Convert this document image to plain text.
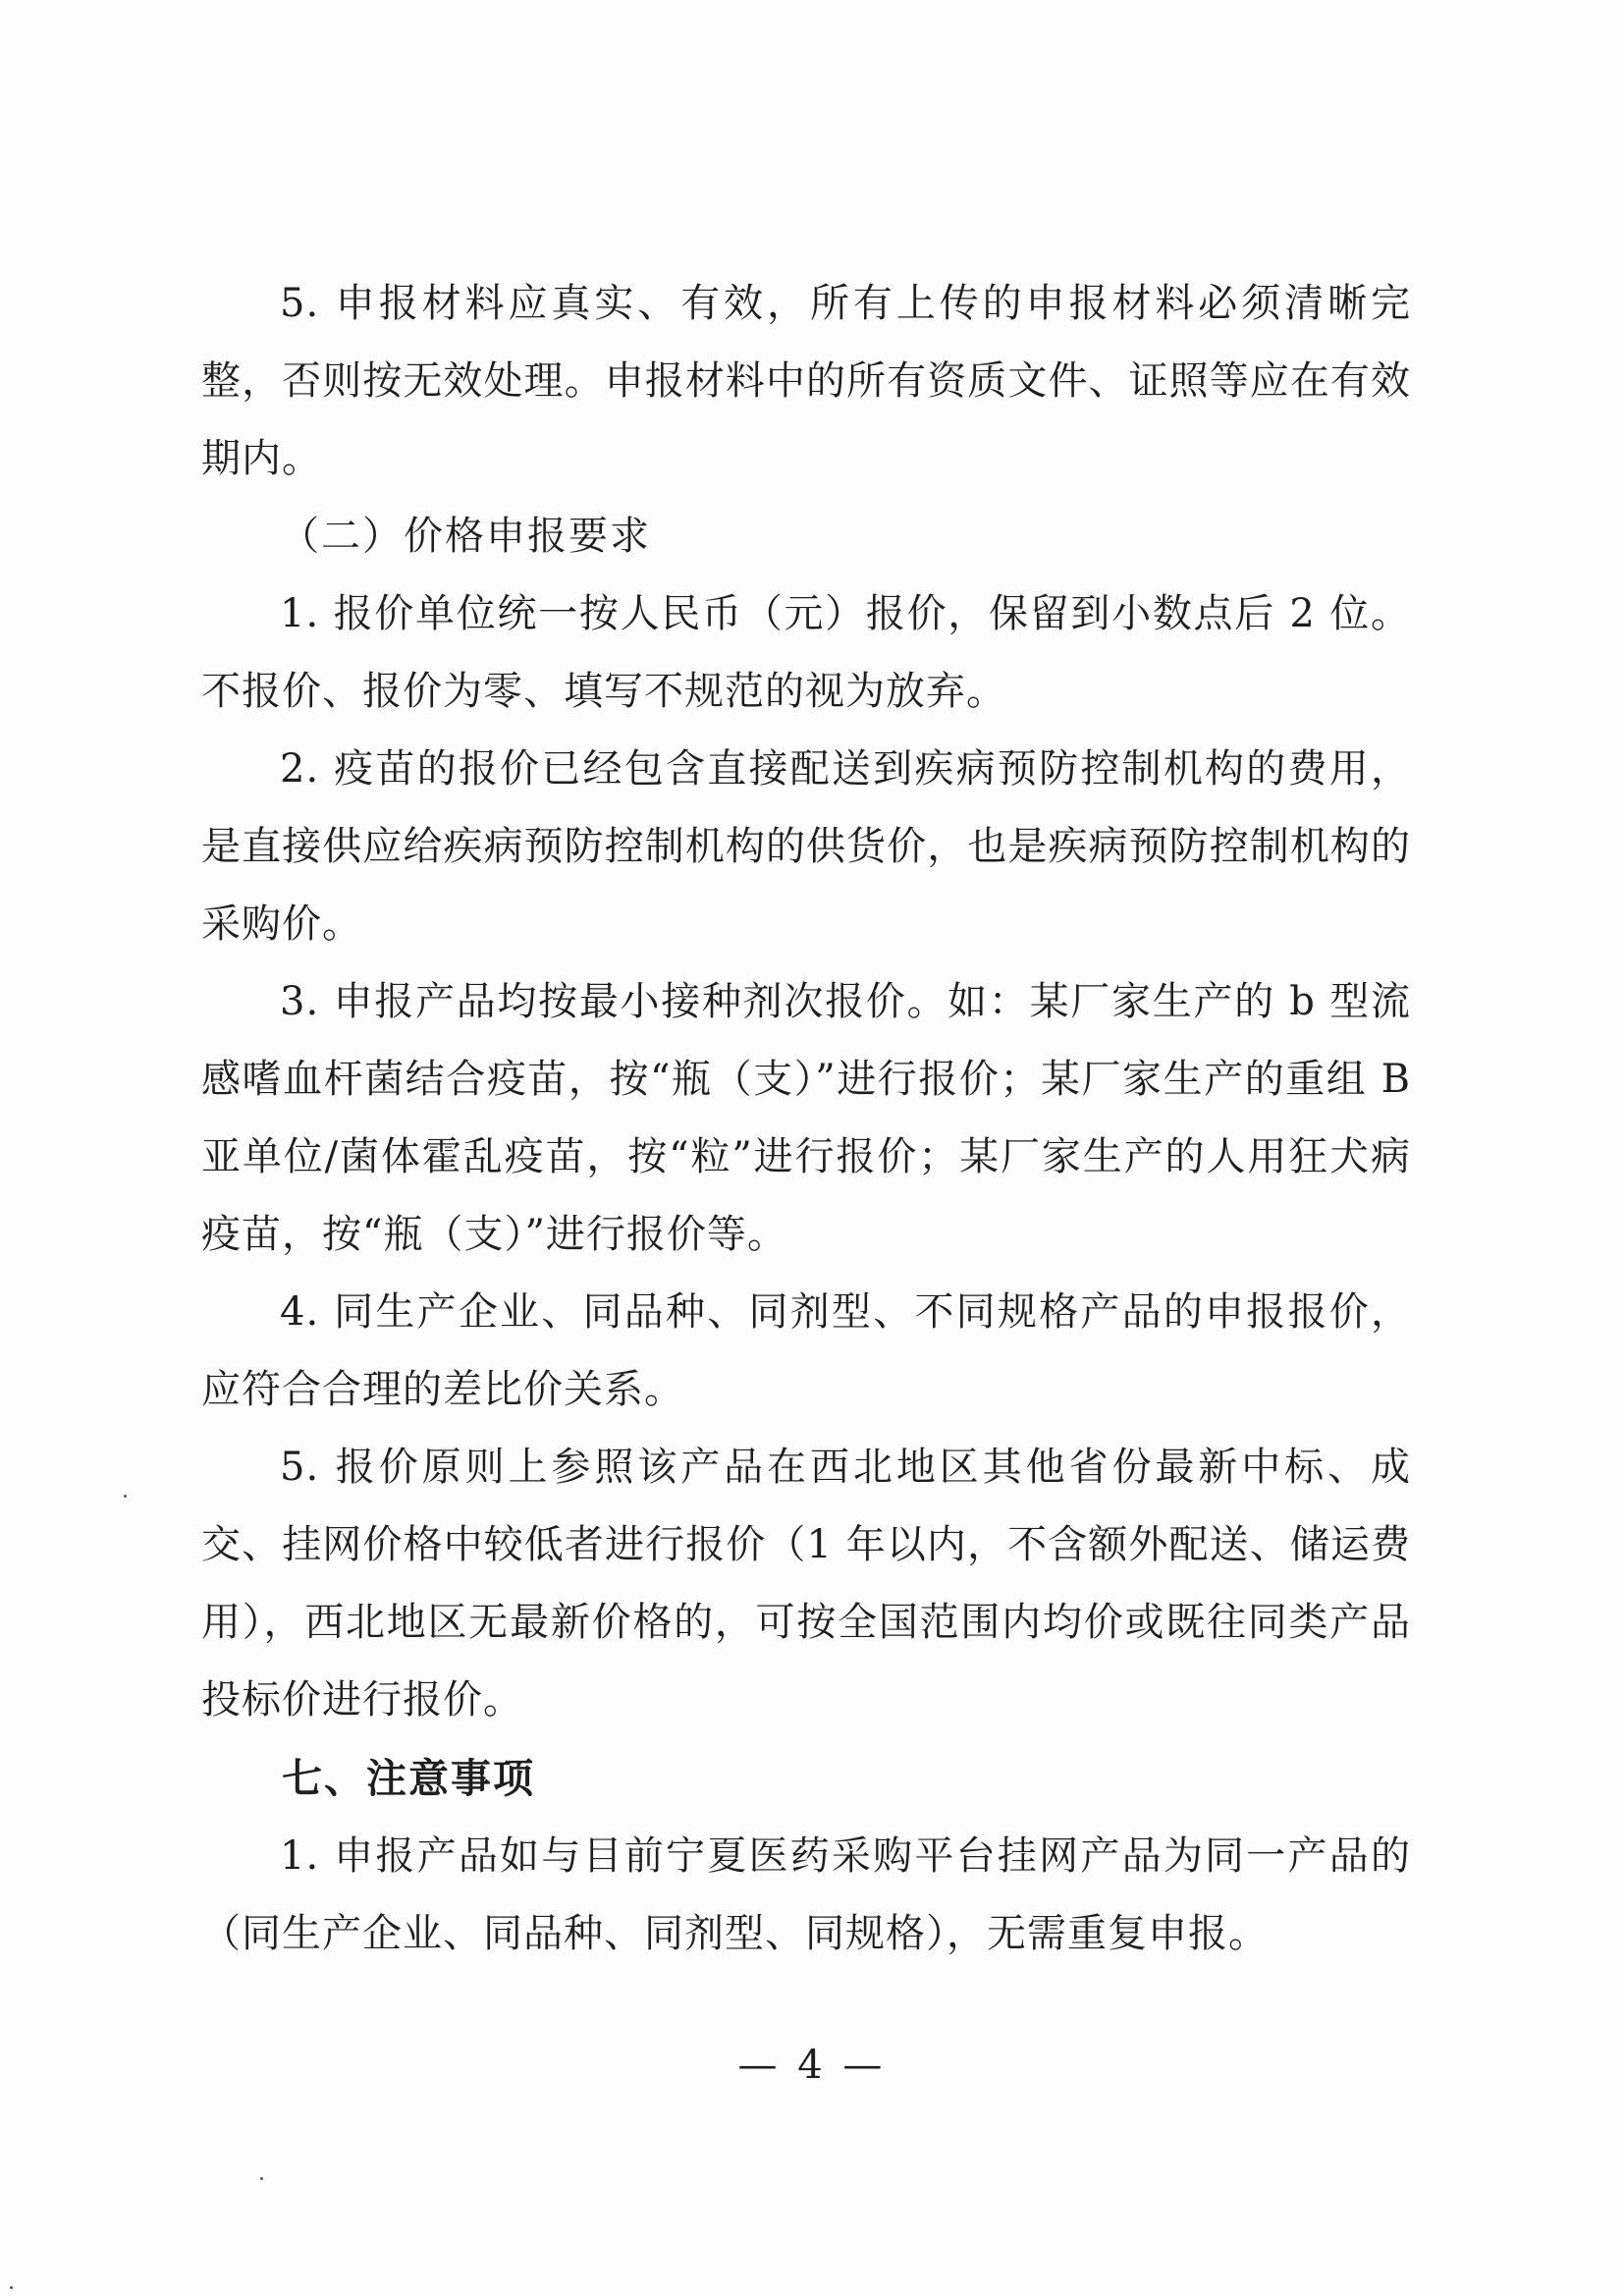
5. 申报材料应真实、有效，所有上传的申报材料必须清晰完整，否则按无效处理。申报材料中的所有资质文件、证照等应在有效期内。

（二）价格申报要求

1. 报价单位统一按人民币（元）报价，保留到小数点后 2 位。不报价、报价为零、填写不规范的视为放弃。

2. 疫苗的报价已经包含直接配送到疾病预防控制机构的费用，是直接供应给疾病预防控制机构的供货价，也是疾病预防控制机构的采购价。

3. 申报产品均按最小接种剂次报价。如：某厂家生产的 b 型流感嗜血杆菌结合疫苗，按“瓶（支）”进行报价；某厂家生产的重组 B 亚单位/菌体霍乱疫苗，按“粒”进行报价；某厂家生产的人用狂犬病疫苗，按“瓶（支）”进行报价等。

4. 同生产企业、同品种、同剂型、不同规格产品的申报报价，应符合合理的差比价关系。

5. 报价原则上参照该产品在西北地区其他省份最新中标、成交、挂网价格中较低者进行报价（1 年以内，不含额外配送、储运费用），西北地区无最新价格的，可按全国范围内均价或既往同类产品投标价进行报价。

七、注意事项

1. 申报产品如与目前宁夏医药采购平台挂网产品为同一产品的（同生产企业、同品种、同剂型、同规格），无需重复申报。

— 4 —
